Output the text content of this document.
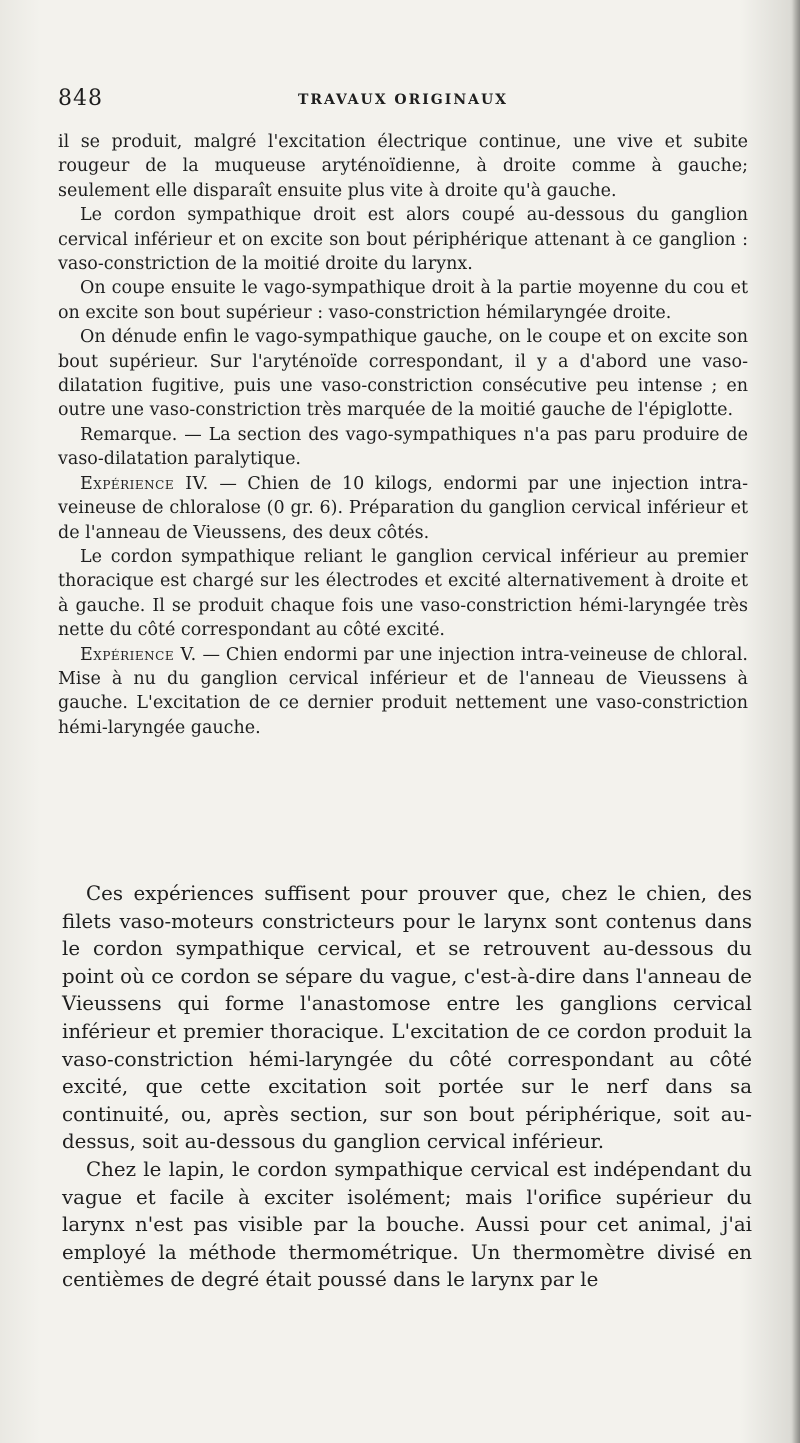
848	TRAVAUX ORIGINAUX

il se produit, malgré l'excitation électrique continue, une vive et subite rougeur de la muqueuse aryténoïdienne, à droite comme à gauche; seulement elle disparaît ensuite plus vite à droite qu'à gauche.

Le cordon sympathique droit est alors coupé au-dessous du ganglion cervical inférieur et on excite son bout périphérique attenant à ce ganglion : vaso-constriction de la moitié droite du larynx.

On coupe ensuite le vago-sympathique droit à la partie moyenne du cou et on excite son bout supérieur : vaso-constriction hémilaryngée droite.

On dénude enfin le vago-sympathique gauche, on le coupe et on excite son bout supérieur. Sur l'aryténoïde correspondant, il y a d'abord une vaso-dilatation fugitive, puis une vaso-constriction consécutive peu intense ; en outre une vaso-constriction très marquée de la moitié gauche de l'épiglotte.

Remarque. — La section des vago-sympathiques n'a pas paru produire de vaso-dilatation paralytique.

Expérience IV. — Chien de 10 kilogs, endormi par une injection intra-veineuse de chloralose (0 gr. 6). Préparation du ganglion cervical inférieur et de l'anneau de Vieussens, des deux côtés.

Le cordon sympathique reliant le ganglion cervical inférieur au premier thoracique est chargé sur les électrodes et excité alternativement à droite et à gauche. Il se produit chaque fois une vaso-constriction hémi-laryngée très nette du côté correspondant au côté excité.

Expérience V. — Chien endormi par une injection intra-veineuse de chloral. Mise à nu du ganglion cervical inférieur et de l'anneau de Vieussens à gauche. L'excitation de ce dernier produit nettement une vaso-constriction hémi-laryngée gauche.

Ces expériences suffisent pour prouver que, chez le chien, des filets vaso-moteurs constricteurs pour le larynx sont contenus dans le cordon sympathique cervical, et se retrouvent au-dessous du point où ce cordon se sépare du vague, c'est-à-dire dans l'anneau de Vieussens qui forme l'anastomose entre les ganglions cervical inférieur et premier thoracique. L'excitation de ce cordon produit la vaso-constriction hémi-laryngée du côté correspondant au côté excité, que cette excitation soit portée sur le nerf dans sa continuité, ou, après section, sur son bout périphérique, soit au-dessus, soit au-dessous du ganglion cervical inférieur.

Chez le lapin, le cordon sympathique cervical est indépendant du vague et facile à exciter isolément; mais l'orifice supérieur du larynx n'est pas visible par la bouche. Aussi pour cet animal, j'ai employé la méthode thermométrique. Un thermomètre divisé en centièmes de degré était poussé dans le larynx par le
